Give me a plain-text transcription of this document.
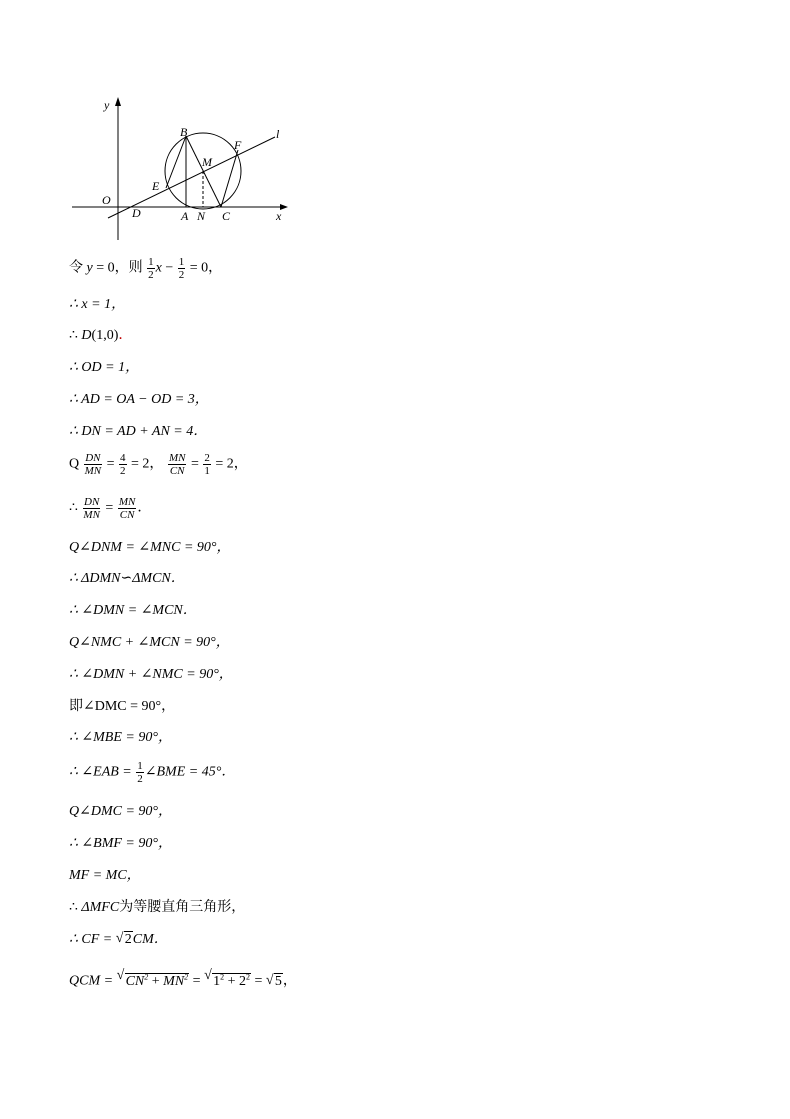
y
x
O
D	A N C
B
E
M
F
l
令 y = 0，则 $\frac{1}{2}$ $x - \frac{1}{2} = 0$，
∴ x = 1，
∴ D(1,0)．
∴ OD = 1，
∴ AD = OA − OD = 3，
∴ DN = AD + AN = 4．
Q $\frac{DN}{MN} = \frac{4}{2} = 2$， $\frac{MN}{CN} = \frac{2}{1} = 2$，
∴ $\frac{DN}{MN} = \frac{MN}{CN}$ ．
Q∠DNM = ∠MNC = 90°，
∴ ΔDMN∽ΔMCN．
∴ ∠DMN = ∠MCN．
Q∠NMC + ∠MCN = 90°，
∴ ∠DMN + ∠NMC = 90°，
即∠DMC = 90°，
∴ ∠MBE = 90°，
∴ ∠EAB = $\frac{1}{2}$ ∠BME = 45°．
Q∠DMC = 90°，
∴ ∠BMF = 90°，
MF = MC，
∴ ΔMFC为等腰直角三角形，
∴ CF = √ 2CM．
QCM = √ $CN^2 + MN^2$ = √ $1^2 + 2^2$ = √ 5，
